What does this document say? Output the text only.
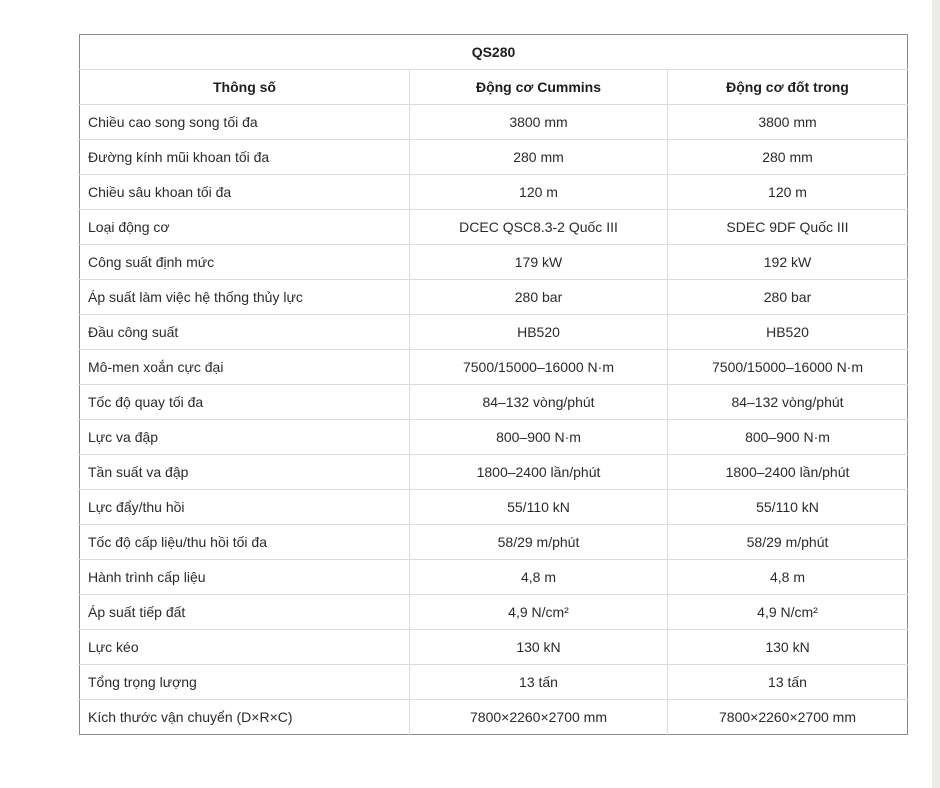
QS280		
Thông số	Động cơ Cummins	Động cơ đốt trong
Chiều cao song song tối đa	3800 mm	3800 mm
Đường kính mũi khoan tối đa	280 mm	280 mm
Chiều sâu khoan tối đa	120 m	120 m
Loại động cơ	DCEC QSC8.3-2 Quốc III	SDEC 9DF Quốc III
Công suất định mức	179 kW	192 kW
Áp suất làm việc hệ thống thủy lực	280 bar	280 bar
Đầu công suất	HB520	HB520
Mô-men xoắn cực đại	7500/15000–16000 N·m	7500/15000–16000 N·m
Tốc độ quay tối đa	84–132 vòng/phút	84–132 vòng/phút
Lực va đập	800–900 N·m	800–900 N·m
Tần suất va đập	1800–2400 lần/phút	1800–2400 lần/phút
Lực đẩy/thu hồi	55/110 kN	55/110 kN
Tốc độ cấp liệu/thu hồi tối đa	58/29 m/phút	58/29 m/phút
Hành trình cấp liệu	4,8 m	4,8 m
Áp suất tiếp đất	4,9 N/cm²	4,9 N/cm²
Lực kéo	130 kN	130 kN
Tổng trọng lượng	13 tấn	13 tấn
Kích thước vận chuyển (D×R×C)	7800×2260×2700 mm	7800×2260×2700 mm
